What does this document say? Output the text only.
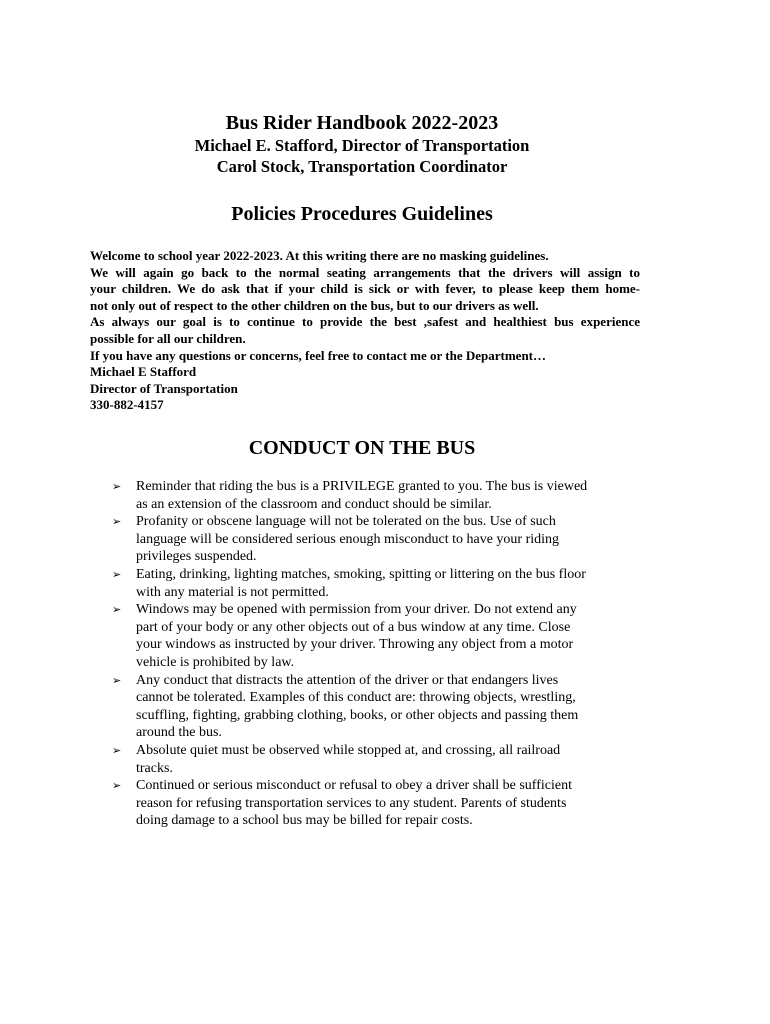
Bus Rider Handbook 2022-2023
Michael E. Stafford, Director of Transportation
Carol Stock, Transportation Coordinator
Policies Procedures Guidelines
Welcome to school year 2022-2023. At this writing there are no masking guidelines.
We will again go back to the normal seating arrangements that the drivers will assign to
your children. We do ask that if your child is sick or with fever, to please keep them home-
not only out of respect to the other children on the bus, but to our drivers as well.
As always our goal is to continue to provide the best ,safest and healthiest bus experience
possible for all our children.
If you have any questions or concerns, feel free to contact me or the Department…
Michael E Stafford
Director of Transportation
330-882-4157
CONDUCT ON THE BUS
➢ Reminder that riding the bus is a PRIVILEGE granted to you. The bus is viewed
as an extension of the classroom and conduct should be similar.
➢ Profanity or obscene language will not be tolerated on the bus. Use of such
language will be considered serious enough misconduct to have your riding
privileges suspended.
➢ Eating, drinking, lighting matches, smoking, spitting or littering on the bus floor
with any material is not permitted.
➢ Windows may be opened with permission from your driver. Do not extend any
part of your body or any other objects out of a bus window at any time. Close
your windows as instructed by your driver. Throwing any object from a motor
vehicle is prohibited by law.
➢ Any conduct that distracts the attention of the driver or that endangers lives
cannot be tolerated. Examples of this conduct are: throwing objects, wrestling,
scuffling, fighting, grabbing clothing, books, or other objects and passing them
around the bus.
➢ Absolute quiet must be observed while stopped at, and crossing, all railroad
tracks.
➢ Continued or serious misconduct or refusal to obey a driver shall be sufficient
reason for refusing transportation services to any student. Parents of students
doing damage to a school bus may be billed for repair costs.
